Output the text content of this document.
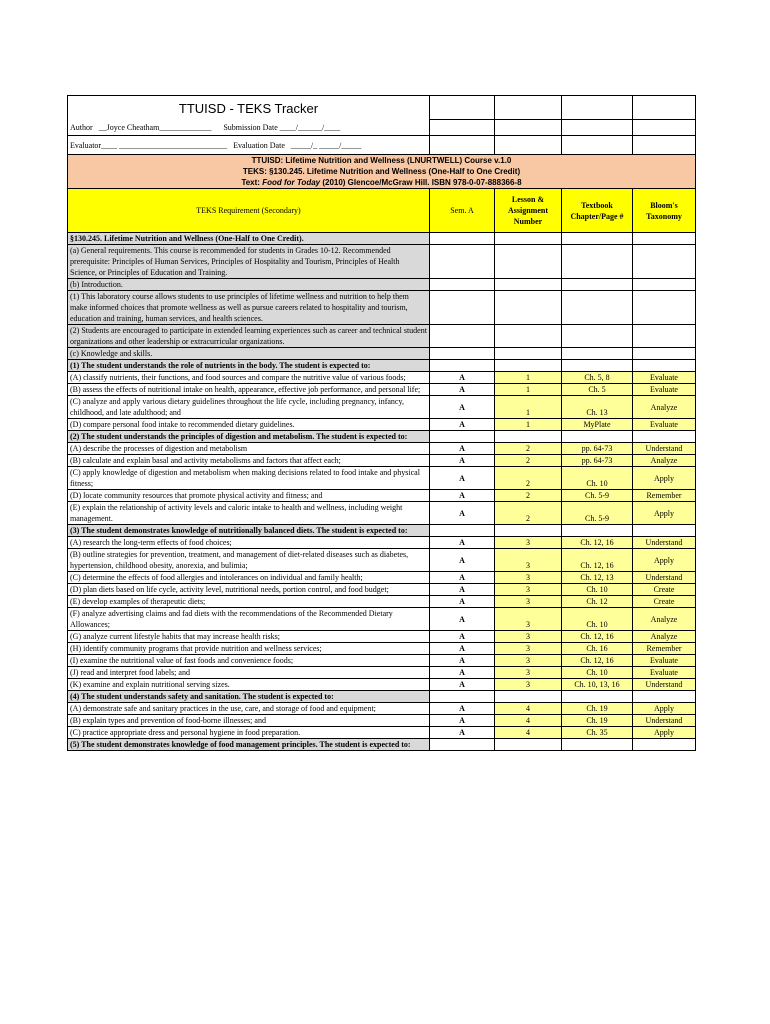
TTUISD - TEKS Tracker				

Author   __Joyce Cheatham_____________ Submission Date ____/______/____				
Evaluator____ ___________________________ Evaluation Date   _____/_ _____/_____				

TTUISD: Lifetime Nutrition and Wellness (LNURTWELL) Course v.1.0
TEKS: §130.245. Lifetime Nutrition and Wellness (One-Half to One Credit)
Text: Food for Today (2010) Glencoe/McGraw Hill. ISBN 978-0-07-888366-8				

TEKS Requirement (Secondary)	Sem. A	Lesson & Assignment Number	Textbook Chapter/Page #	Bloom's Taxonomy
§130.245. Lifetime Nutrition and Wellness (One-Half to One Credit).				
(a) General requirements. This course is recommended for students in Grades 10-12. Recommended prerequisite: Principles of Human Services, Principles of Hospitality and Tourism, Principles of Health Science, or Principles of Education and Training.				
(b) Introduction.				
(1) This laboratory course allows students to use principles of lifetime wellness and nutrition to help them make informed choices that promote wellness as well as pursue careers related to hospitality and tourism, education and training, human services, and health sciences.				
(2) Students are encouraged to participate in extended learning experiences such as career and technical student organizations and other leadership or extracurricular organizations.				
(c) Knowledge and skills.				
(1) The student understands the role of nutrients in the body. The student is expected to:				
(A) classify nutrients, their functions, and food sources and compare the nutritive value of various foods;	A	1	Ch. 5, 8	Evaluate
(B) assess the effects of nutritional intake on health, appearance, effective job performance, and personal life;	A	1	Ch. 5	Evaluate
(C) analyze and apply various dietary guidelines throughout the life cycle, including pregnancy, infancy, childhood, and late adulthood; and	A	1	Ch. 13	Analyze
(D) compare personal food intake to recommended dietary guidelines.	A	1	MyPlate	Evaluate
(2) The student understands the principles of digestion and metabolism. The student is expected to:				
(A) describe the processes of digestion and metabolism	A	2	pp. 64-73	Understand
(B) calculate and explain basal and activity metabolisms and factors that affect each;	A	2	pp. 64-73	Analyze
(C) apply knowledge of digestion and metabolism when making decisions related to food intake and physical fitness;	A	2	Ch. 10	Apply
(D) locate community resources that promote physical activity and fitness; and	A	2	Ch. 5-9	Remember
(E) explain the relationship of activity levels and caloric intake to health and wellness, including weight management.	A	2	Ch. 5-9	Apply
(3) The student demonstrates knowledge of nutritionally balanced diets. The student is expected to:				
(A) research the long-term effects of food choices;	A	3	Ch. 12, 16	Understand
(B) outline strategies for prevention, treatment, and management of diet-related diseases such as diabetes, hypertension, childhood obesity, anorexia, and bulimia;	A	3	Ch. 12, 16	Apply
(C) determine the effects of food allergies and intolerances on individual and family health;	A	3	Ch. 12, 13	Understand
(D) plan diets based on life cycle, activity level, nutritional needs, portion control, and food budget;	A	3	Ch. 10	Create
(E) develop examples of therapeutic diets;	A	3	Ch. 12	Create
(F) analyze advertising claims and fad diets with the recommendations of the Recommended Dietary Allowances;	A	3	Ch. 10	Analyze
(G) analyze current lifestyle habits that may increase health risks;	A	3	Ch. 12, 16	Analyze
(H) identify community programs that provide nutrition and wellness services;	A	3	Ch. 16	Remember
(I) examine the nutritional value of fast foods and convenience foods;	A	3	Ch. 12, 16	Evaluate
(J) read and interpret food labels; and	A	3	Ch. 10	Evaluate
(K) examine and explain nutritional serving sizes.	A	3	Ch. 10, 13, 16	Understand
(4) The student understands safety and sanitation. The student is expected to:				
(A) demonstrate safe and sanitary practices in the use, care, and storage of food and equipment;	A	4	Ch. 19	Apply
(B) explain types and prevention of food-borne illnesses; and	A	4	Ch. 19	Understand
(C) practice appropriate dress and personal hygiene in food preparation.	A	4	Ch. 35	Apply
(5) The student demonstrates knowledge of food management principles. The student is expected to:				
